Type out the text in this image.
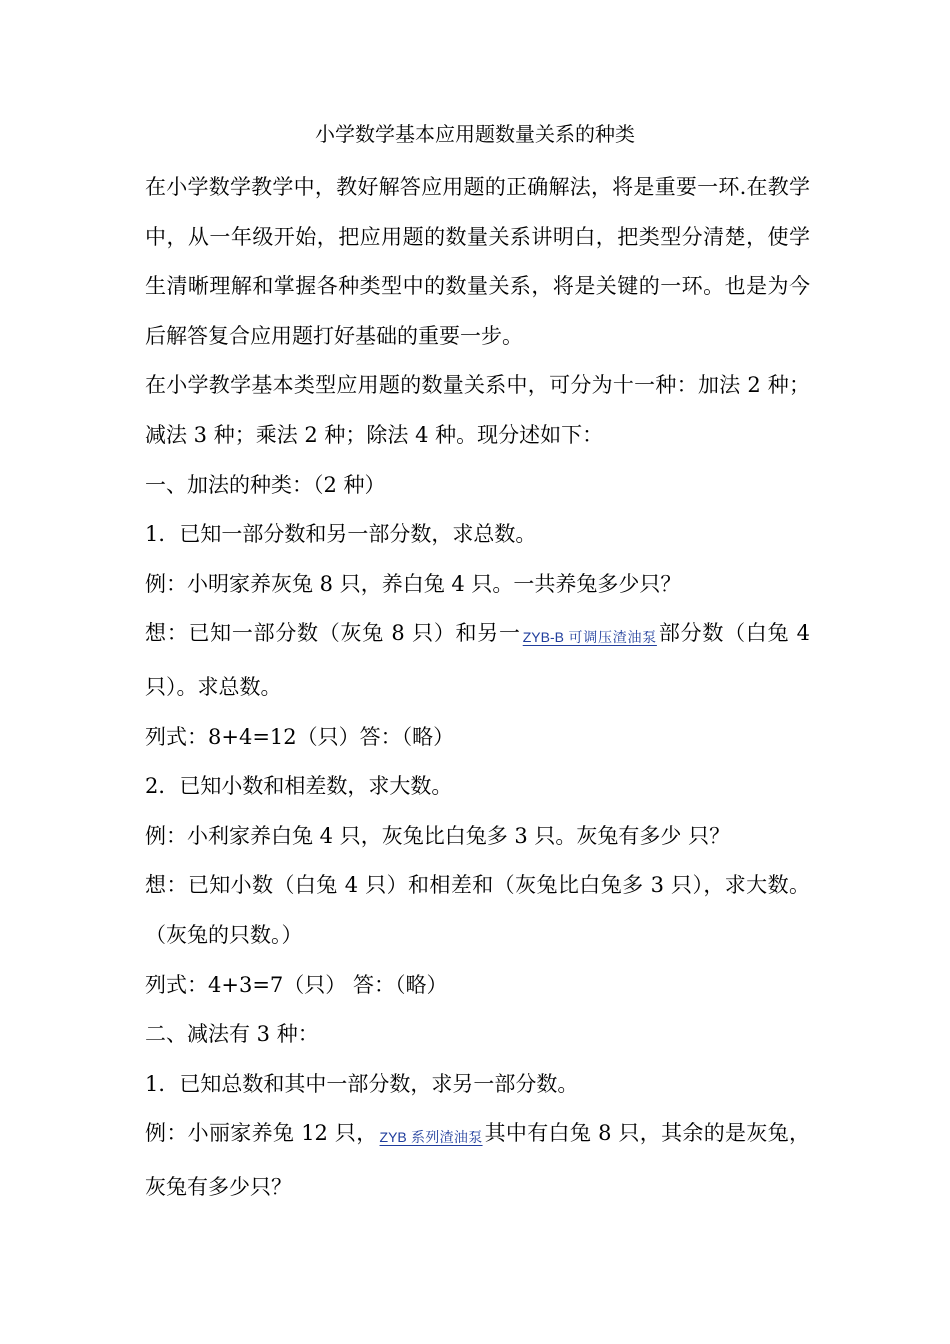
小学数学基本应用题数量关系的种类

在小学数学教学中，教好解答应用题的正确解法，将是重要一环.在教学中，从一年级开始，把应用题的数量关系讲明白，把类型分清楚，使学生清晰理解和掌握各种类型中的数量关系，将是关键的一环。也是为今后解答复合应用题打好基础的重要一步。

在小学教学基本类型应用题的数量关系中，可分为十一种：加法 2 种；减法 3 种；乘法 2 种；除法 4 种。现分述如下：

一、加法的种类：（2 种）

1．已知一部分数和另一部分数，求总数。

例：小明家养灰兔 8 只，养白兔 4 只。一共养兔多少只？

想：已知一部分数（灰兔 8 只）和另一 ZYB-B 可调压渣油泵部分数（白兔 4 只）。求总数。

列式：8+4=12（只）答：（略）

2．已知小数和相差数，求大数。

例：小利家养白兔 4 只，灰兔比白兔多 3 只。灰兔有多少 只？

想：已知小数（白兔 4 只）和相差和（灰兔比白兔多 3 只），求大数。（灰兔的只数。）

列式：4+3=7（只） 答：（略）

二、减法有 3 种：

1．已知总数和其中一部分数，求另一部分数。

例：小丽家养兔 12 只， ZYB 系列渣油泵其中有白兔 8 只，其余的是灰兔，灰兔有多少只？
